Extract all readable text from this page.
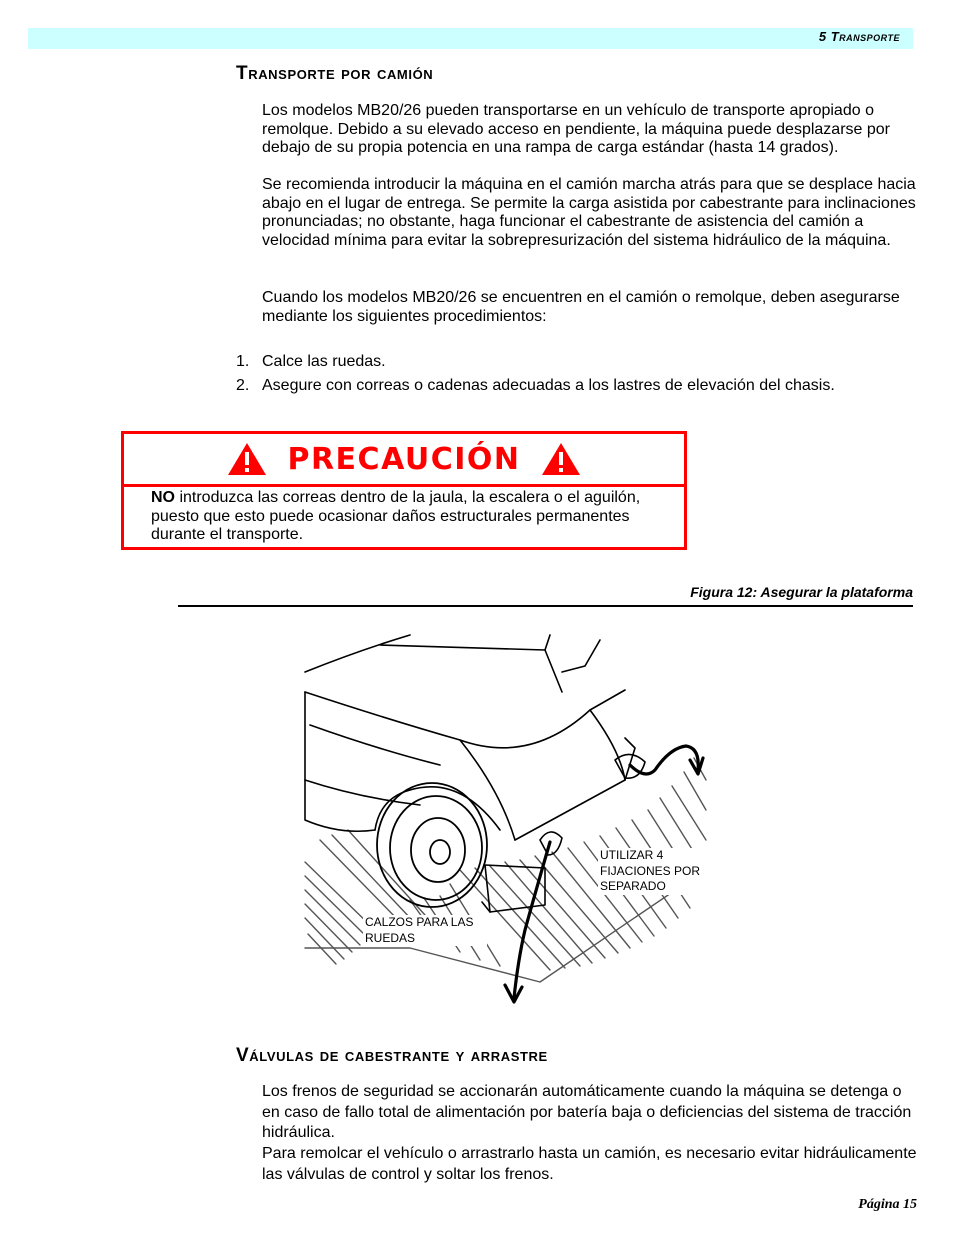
5 Transporte
Transporte por camión
Los modelos MB20/26 pueden transportarse en un vehículo de transporte apropiado o remolque. Debido a su elevado acceso en pendiente, la máquina puede desplazarse por debajo de su propia potencia en una rampa de carga estándar (hasta 14 grados).
Se recomienda introducir la máquina en el camión marcha atrás para que se desplace hacia abajo en el lugar de entrega. Se permite la carga asistida por cabestrante para inclinaciones pronunciadas; no obstante, haga funcionar el cabestrante de asistencia del camión a velocidad mínima para evitar la sobrepresurización del sistema hidráulico de la máquina.
Cuando los modelos MB20/26 se encuentren en el camión o remolque, deben asegurarse mediante los siguientes procedimientos:
1. Calce las ruedas.
2. Asegure con correas o cadenas adecuadas a los lastres de elevación del chasis.
PRECAUCIÓN
NO introduzca las correas dentro de la jaula, la escalera o el aguilón, puesto que esto puede ocasionar daños estructurales permanentes durante el transporte.
Figura 12: Asegurar la plataforma
UTILIZAR 4 FIJACIONES POR SEPARADO
CALZOS PARA LAS RUEDAS
Válvulas de cabestrante y arrastre
Los frenos de seguridad se accionarán automáticamente cuando la máquina se detenga o en caso de fallo total de alimentación por batería baja o deficiencias del sistema de tracción hidráulica.
Para remolcar el vehículo o arrastrarlo hasta un camión, es necesario evitar hidráulicamente las válvulas de control y soltar los frenos.
Página 15
